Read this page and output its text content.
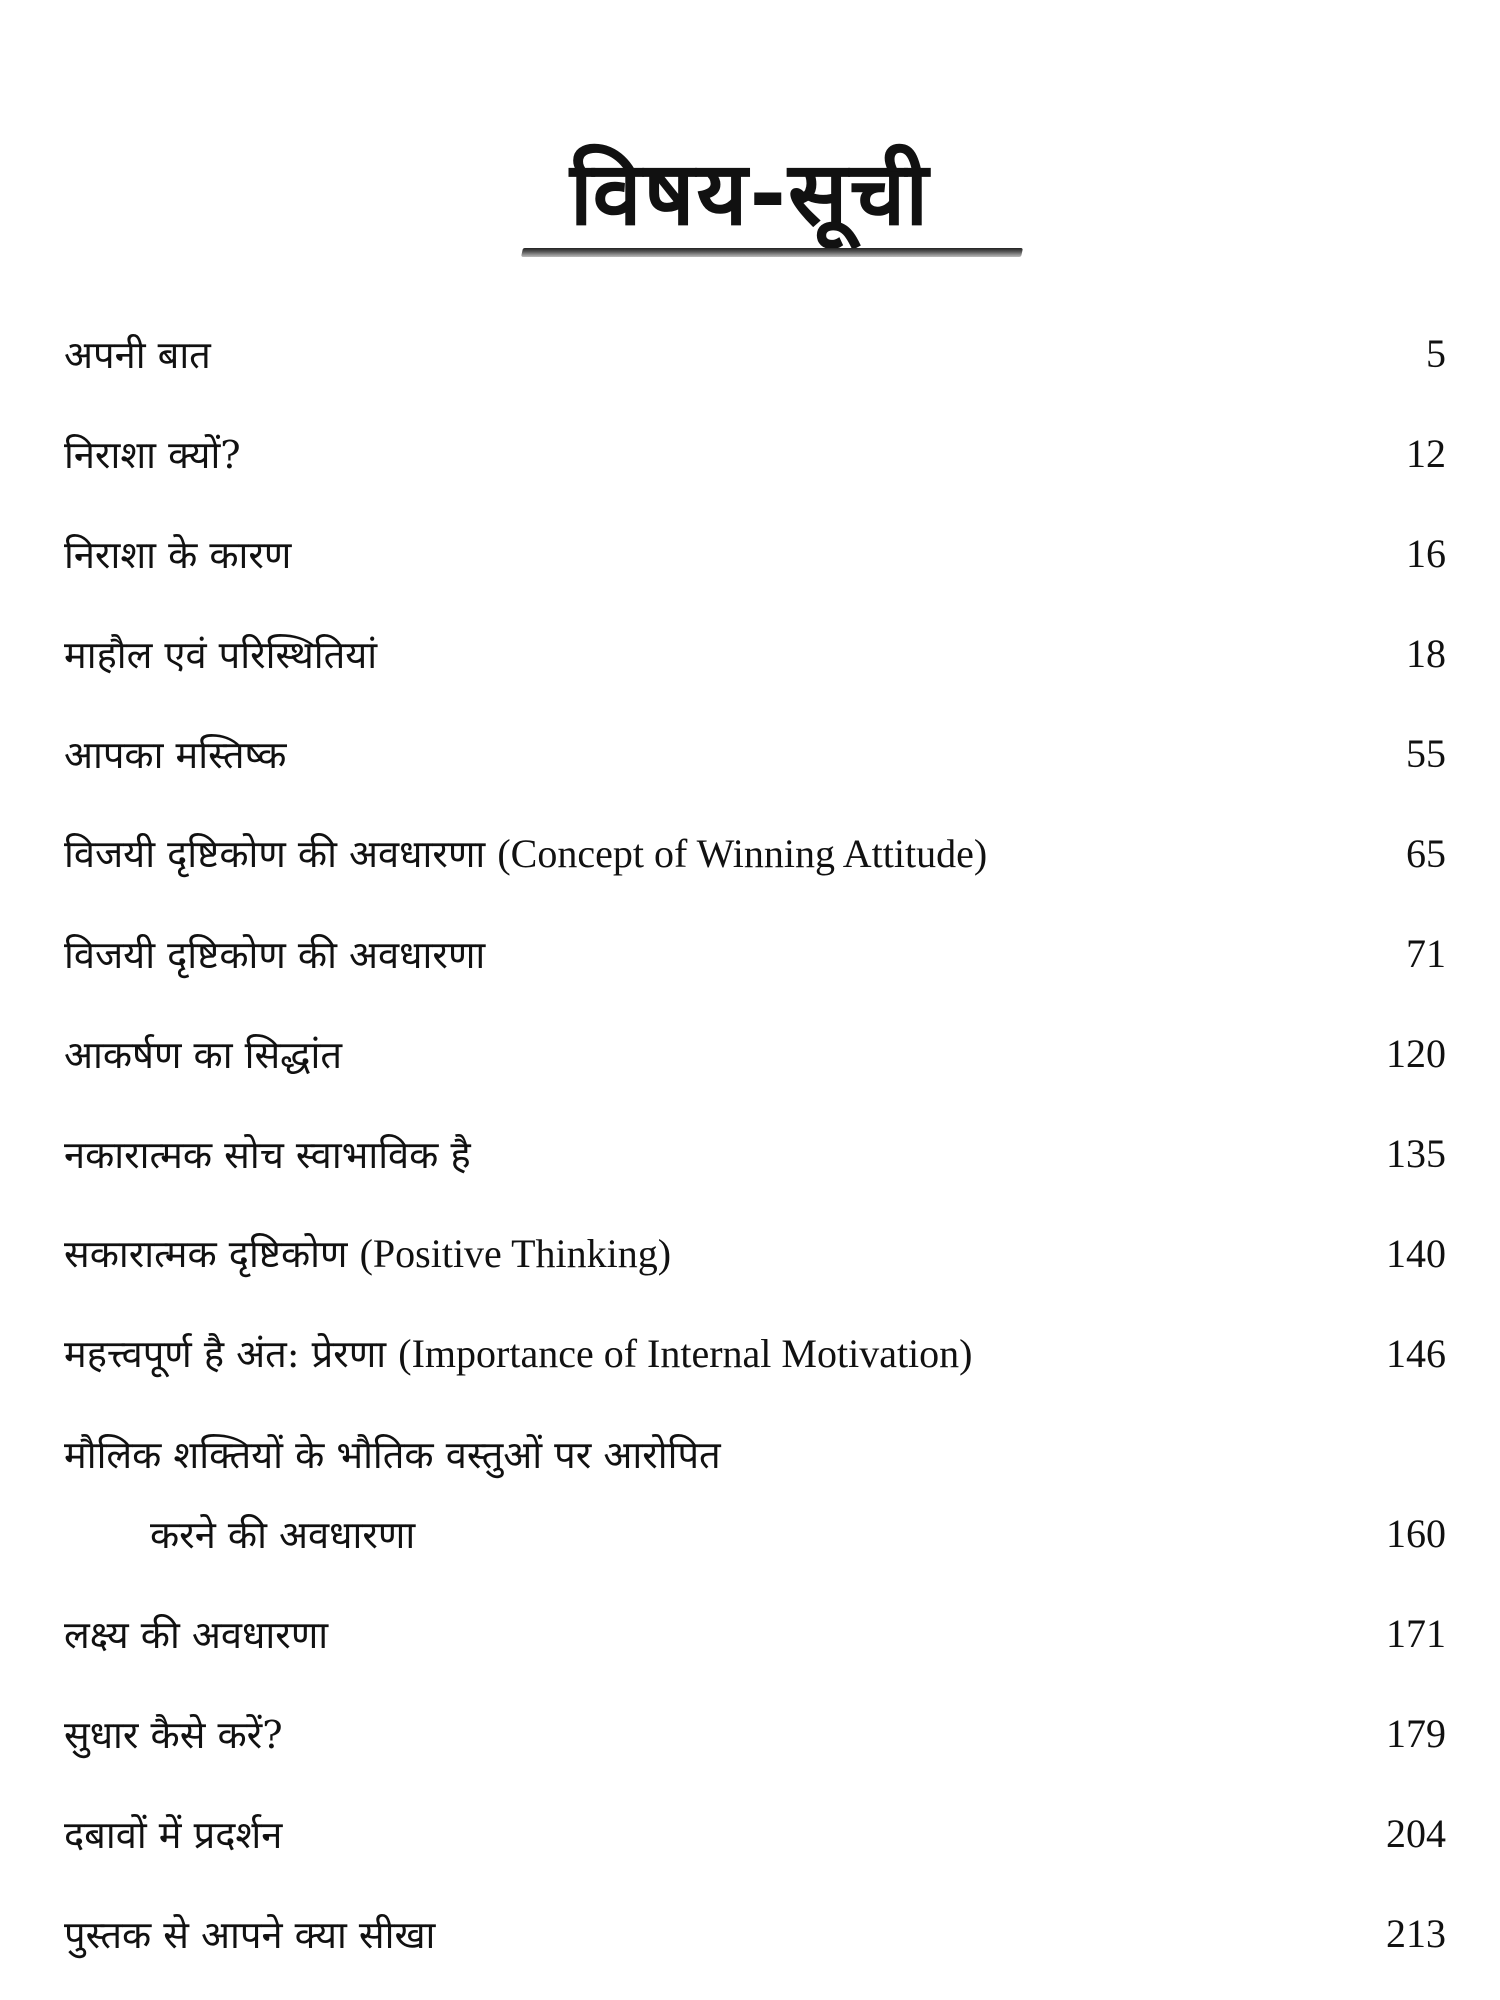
विषय-सूची
अपनी बात	5
निराशा क्यों?	12
निराशा के कारण	16
माहौल एवं परिस्थितियां	18
आपका मस्तिष्क	55
विजयी दृष्टिकोण की अवधारणा (Concept of Winning Attitude)	65
विजयी दृष्टिकोण की अवधारणा	71
आकर्षण का सिद्धांत	120
नकारात्मक सोच स्वाभाविक है	135
सकारात्मक दृष्टिकोण (Positive Thinking)	140
महत्त्वपूर्ण है अंत: प्रेरणा (Importance of Internal Motivation)	146
मौलिक शक्तियों के भौतिक वस्तुओं पर आरोपित
करने की अवधारणा	160
लक्ष्य की अवधारणा	171
सुधार कैसे करें?	179
दबावों में प्रदर्शन	204
पुस्तक से आपने क्या सीखा	213
